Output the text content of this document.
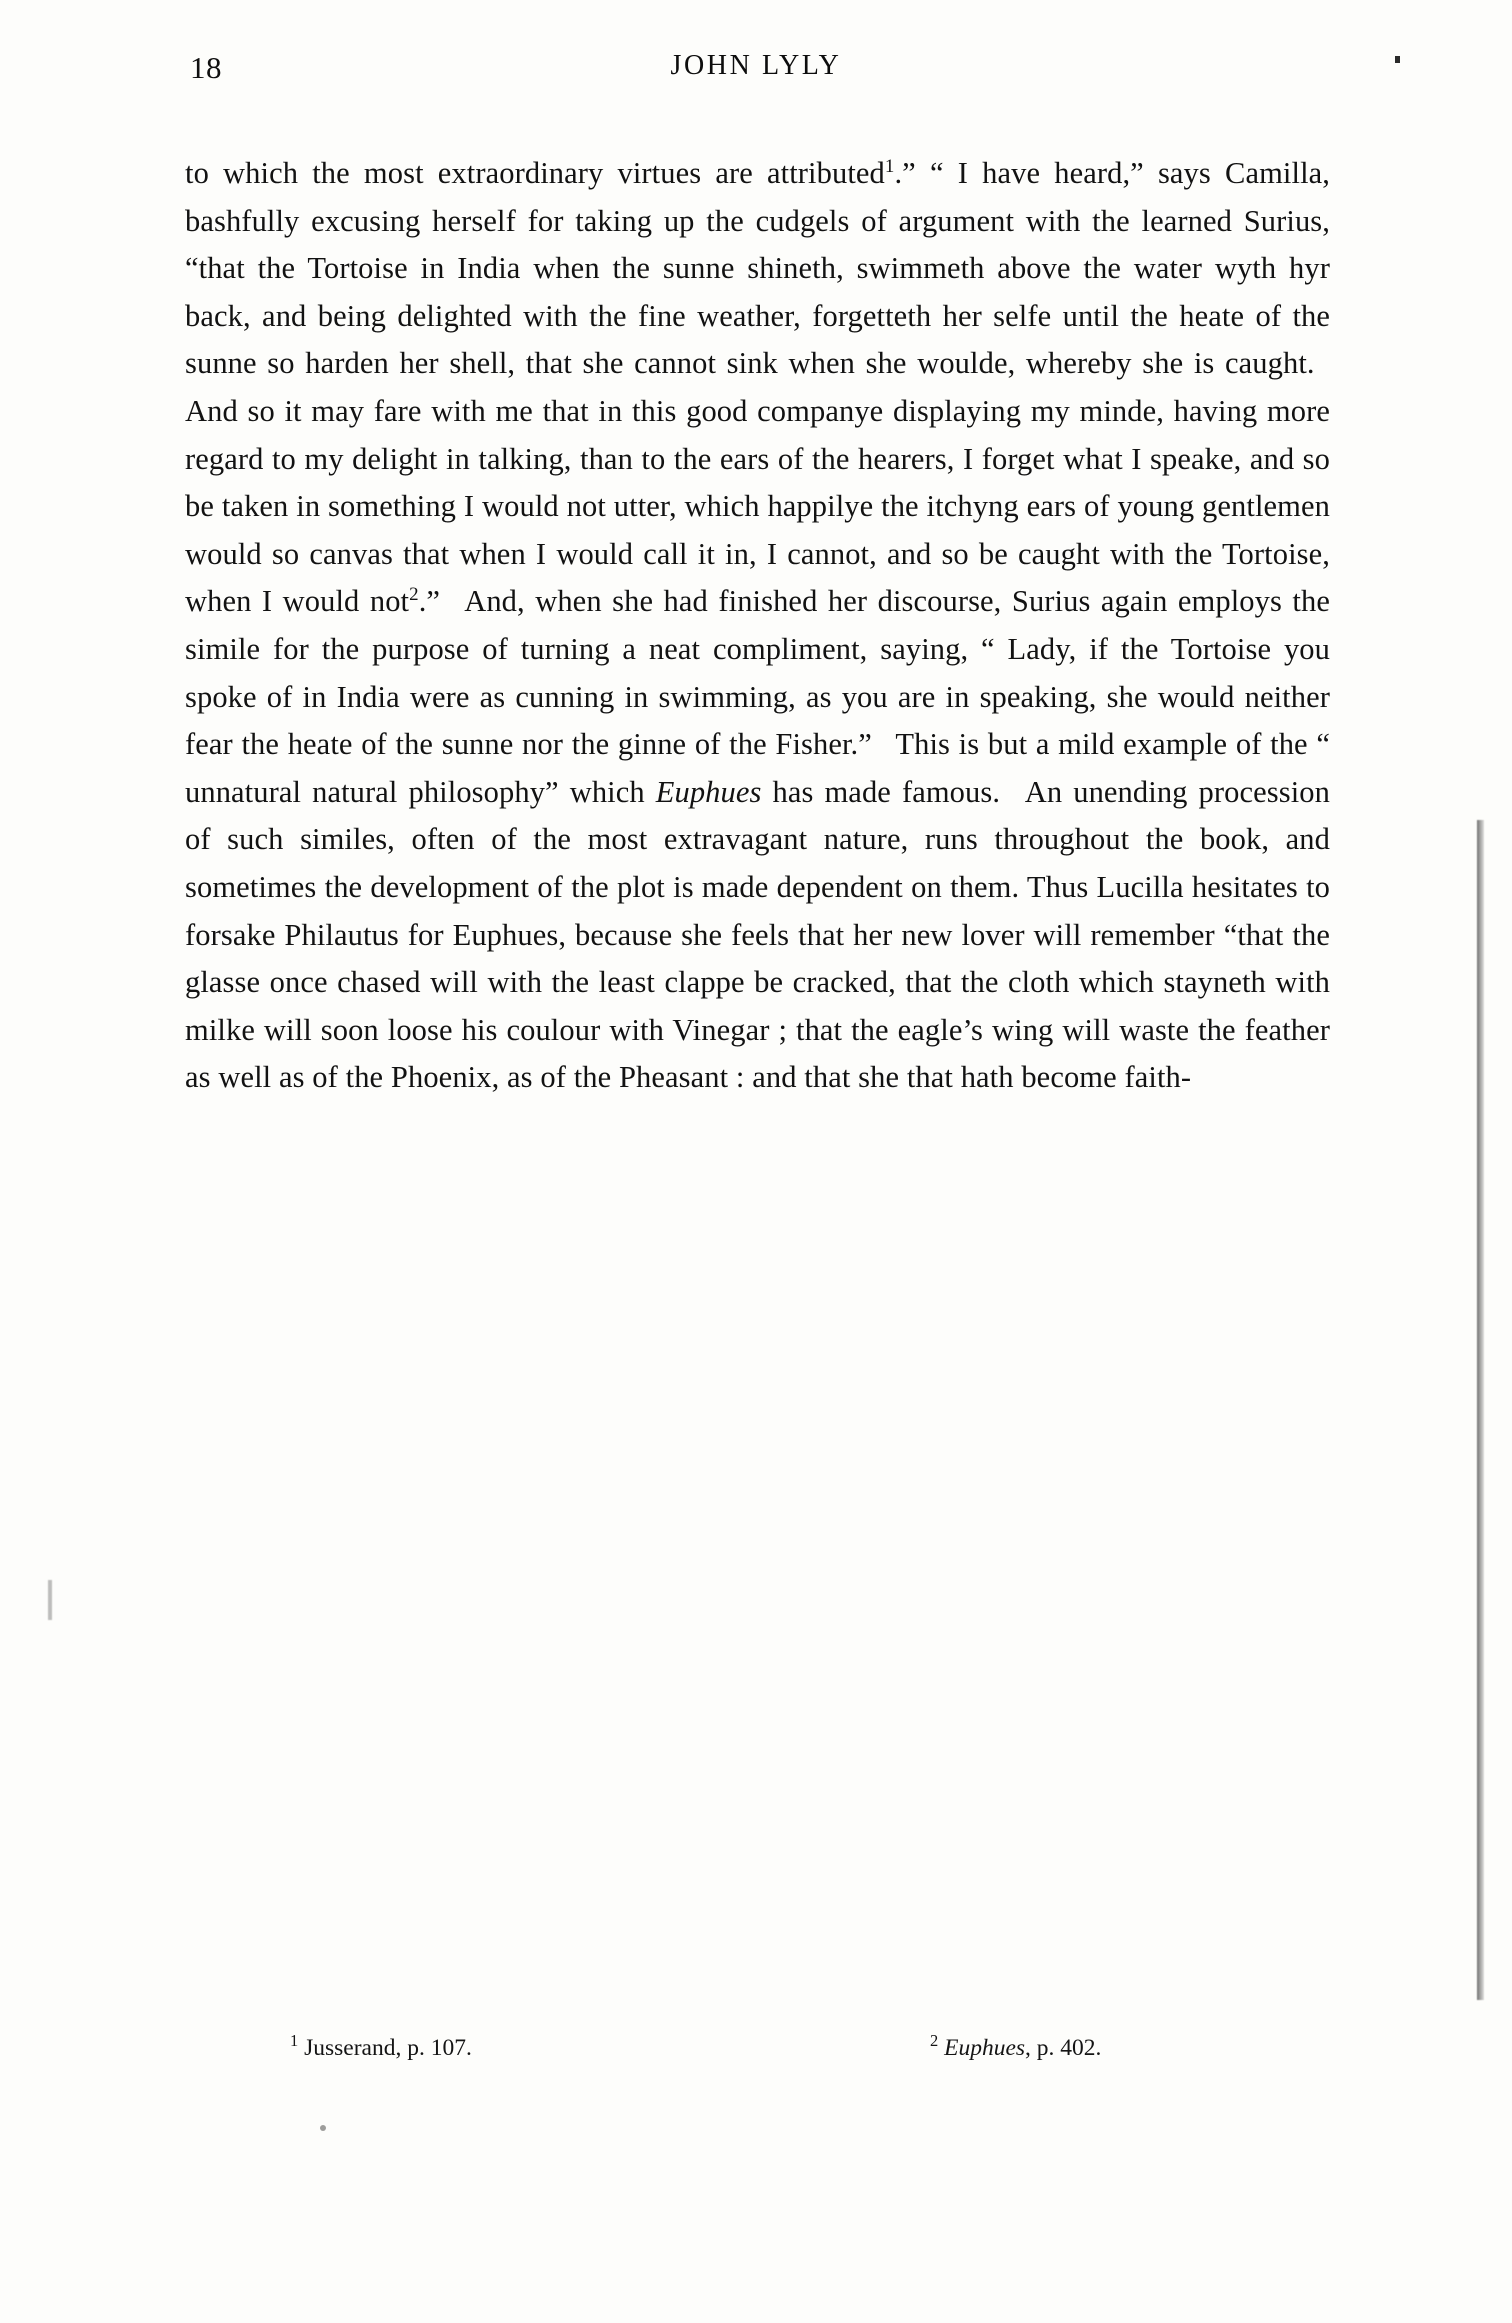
18	JOHN LYLY

to which the most extraordinary virtues are attributed$^1$.” “ I have heard,” says Camilla, bashfully excusing herself for taking up the cudgels of argument with the learned Surius, “that the Tortoise in India when the sunne shineth, swimmeth above the water wyth hyr back, and being delighted with the fine weather, forgetteth her selfe until the heate of the sunne so harden her shell, that she cannot sink when she woulde, whereby she is caught.  And so it may fare with me that in this good companye displaying my minde, having more regard to my delight in talking, than to the ears of the hearers, I forget what I speake, and so be taken in something I would not utter, which happilye the itchyng ears of young gentlemen would so canvas that when I would call it in, I cannot, and so be caught with the Tortoise, when I would not$^2$.”  And, when she had finished her discourse, Surius again employs the simile for the purpose of turning a neat compliment, saying, “ Lady, if the Tortoise you spoke of in India were as cunning in swimming, as you are in speaking, she would neither fear the heate of the sunne nor the ginne of the Fisher.”  This is but a mild example of the “ unnatural natural philosophy” which Euphues has made famous.  An unending procession of such similes, often of the most extravagant nature, runs throughout the book, and sometimes the development of the plot is made dependent on them. Thus Lucilla hesitates to forsake Philautus for Euphues, because she feels that her new lover will remember “that the glasse once chased will with the least clappe be cracked, that the cloth which stayneth with milke will soon loose his coulour with Vinegar ; that the eagle’s wing will waste the feather as well as of the Phoenix, as of the Pheasant : and that she that hath become faith-

$^1$ Jusserand, p. 107.	$^2$ Euphues, p. 402.
